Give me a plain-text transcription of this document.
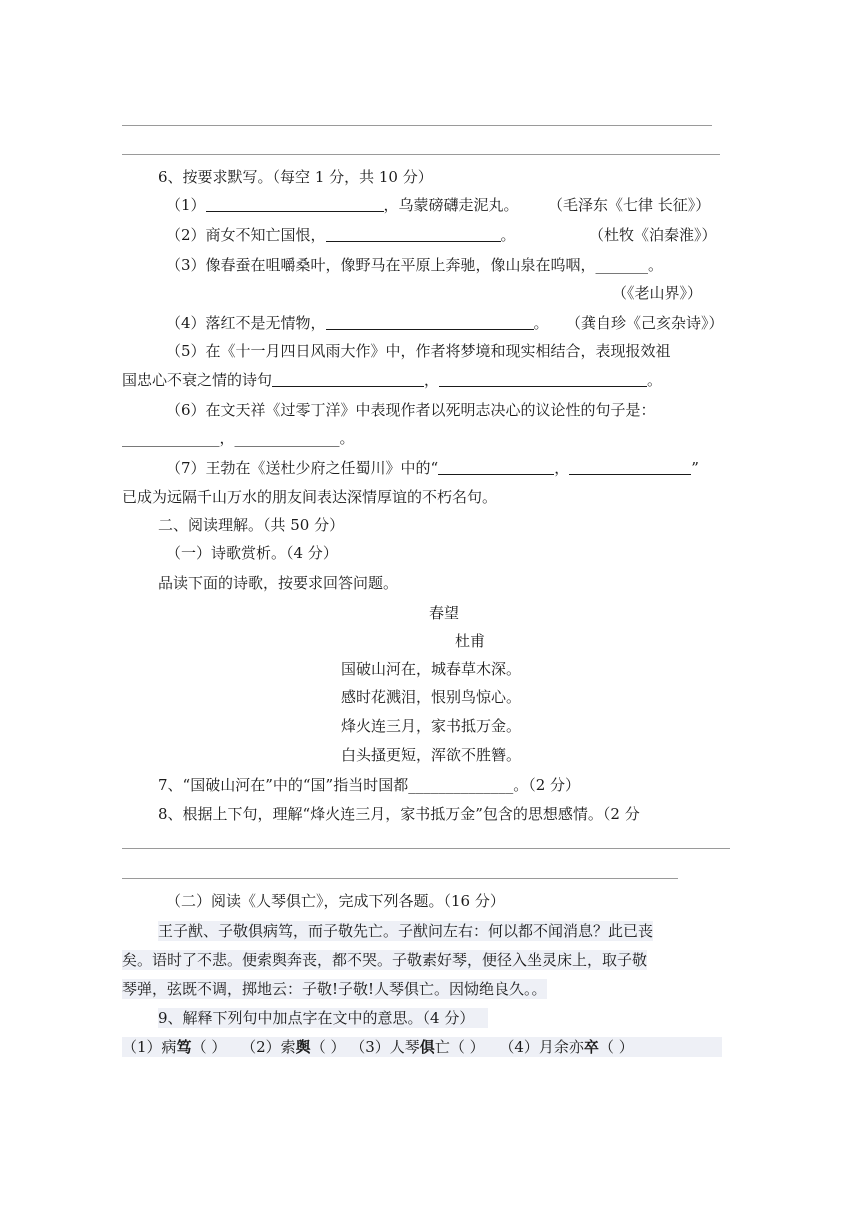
6、按要求默写。（每空 1 分，共 10 分）
（1）	，乌蒙磅礴走泥丸。 （毛泽东《七律 长征》）
（2）商女不知亡国恨，	。	（杜牧《泊秦淮》）
（3）像春蚕在咀嚼桑叶，像野马在平原上奔驰，像山泉在呜咽，_______。
（《老山界》）
（4）落红不是无情物，	。 （龚自珍《己亥杂诗》）
（5）在《十一月四日风雨大作》中，作者将梦境和现实相结合，表现报效祖
国忠心不衰之情的诗句	，	。
（6）在文天祥《过零丁洋》中表现作者以死明志决心的议论性的句子是：
_____________，______________。
（7）王勃在《送杜少府之任蜀川》中的“	，	”
已成为远隔千山万水的朋友间表达深情厚谊的不朽名句。
二、阅读理解。（共 50 分）
（一）诗歌赏析。（4 分）
品读下面的诗歌，按要求回答问题。
春望
杜甫
国破山河在，城春草木深。
感时花溅泪，恨别鸟惊心。
烽火连三月，家书抵万金。
白头搔更短，浑欲不胜簪。
7、“国破山河在”中的“国”指当时国都______________。（2 分）
8、根据上下句，理解“烽火连三月，家书抵万金”包含的思想感情。（2 分
（二）阅读《人琴俱亡》，完成下列各题。（16 分）
王子猷、子敬俱病笃，而子敬先亡。子猷问左右：何以都不闻消息？此已丧
矣。语时了不悲。便索舆奔丧，都不哭。子敬素好琴，便径入坐灵床上，取子敬
琴弹，弦既不调，掷地云：子敬!子敬!人琴俱亡。因恸绝良久。。
9、解释下列句中加点字在文中的意思。（4 分）
（1）病笃（ ） （2）索舆（ ） （3）人琴俱亡（ ） （4）月余亦卒（ ）
